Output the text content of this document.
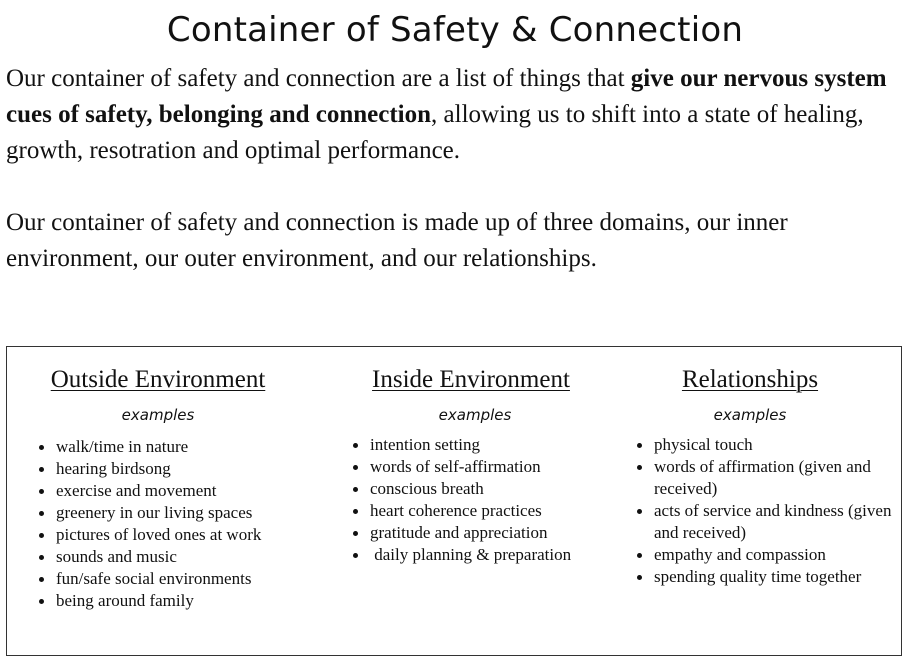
Container of Safety & Connection

Our container of safety and connection are a list of things that give our nervous system cues of safety, belonging and connection, allowing us to shift into a state of healing, growth, resotration and optimal performance.

Our container of safety and connection is made up of three domains, our inner environment, our outer environment, and our relationships.

Outside Environment
examples
walk/time in nature
hearing birdsong
exercise and movement
greenery in our living spaces
pictures of loved ones at work
sounds and music
fun/safe social environments
being around family
Inside Environment
examples
intention setting
words of self-affirmation
conscious breath
heart coherence practices
gratitude and appreciation
daily planning & preparation
Relationships
examples
physical touch
words of affirmation (given and received)
acts of service and kindness (given and received)
empathy and compassion
spending quality time together
